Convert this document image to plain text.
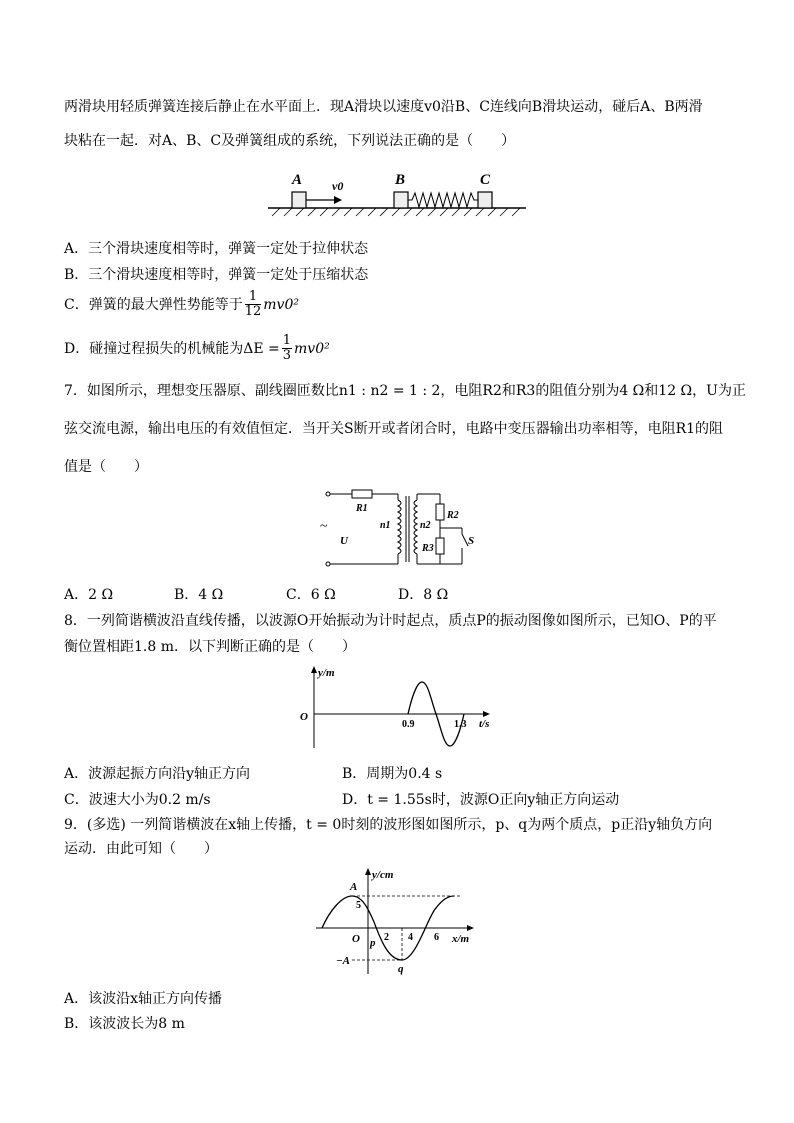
两滑块用轻质弹簧连接后静止在水平面上．现A滑块以速度v0沿B、C连线向B滑块运动，碰后A、B两滑
块粘在一起．对A、B、C及弹簧组成的系统，下列说法正确的是（　　）
A v0	B	C
A．三个滑块速度相等时，弹簧一定处于拉伸状态
B．三个滑块速度相等时，弹簧一定处于压缩状态
C．弹簧的最大弹性势能等于 $\frac{1}{12} mv0^2$
D．碰撞过程损失的机械能为$\Delta E = \frac{1}{3} mv0^2$
7．如图所示，理想变压器原、副线圈匝数比n1 : n2 = 1 : 2，电阻R2和R3的阻值分别为4 Ω和12 Ω，U为正
弦交流电源，输出电压的有效值恒定．当开关S断开或者闭合时，电路中变压器输出功率相等，电阻R1的阻
值是（　　）
~
U
R1
n1	n2
R2
R3
S
A．2 Ω	B．4 Ω	C．6 Ω	D．8 Ω
8．一列简谐横波沿直线传播，以波源O开始振动为计时起点，质点P的振动图像如图所示，已知O、P的平
衡位置相距1.8 m．以下判断正确的是（　　）
y/m
t/s
O
0.9	1.3
A．波源起振方向沿y轴正方向	B．周期为0.4 s
C．波速大小为0.2 m/s	D．t = 1.55s时，波源O正向y轴正方向运动
9．(多选) 一列简谐横波在x轴上传播，t = 0时刻的波形图如图所示，p、q为两个质点，p正沿y轴负方向
运动．由此可知（　　）
A
−A
5
y/cm
x/m
O 2 4 6
p
q
A．该波沿x轴正方向传播
B．该波波长为8 m
